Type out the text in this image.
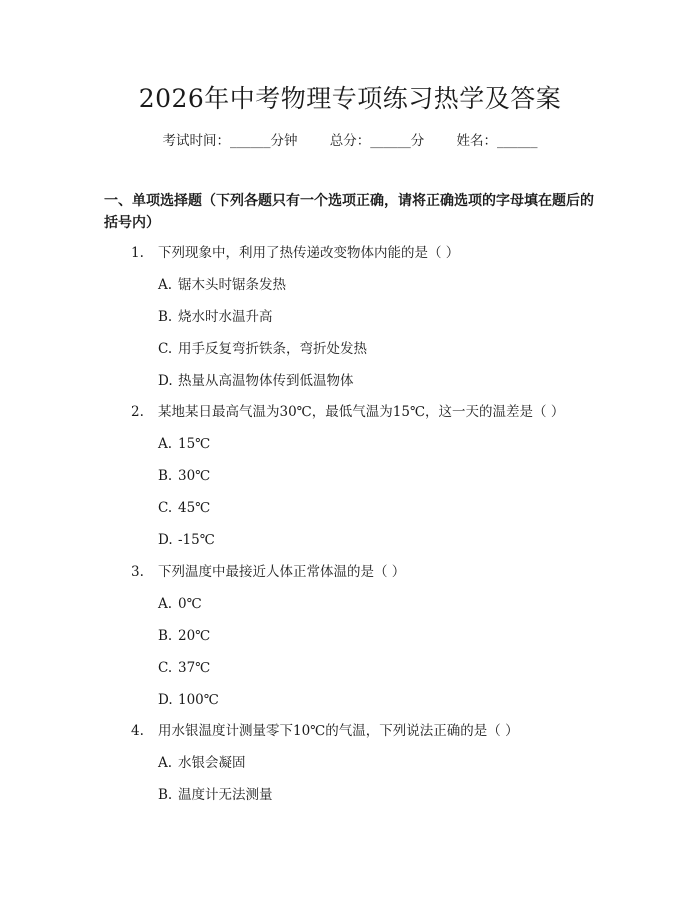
2026年中考物理专项练习热学及答案
考试时间：______分钟 总分：______分 姓名：______
一、单项选择题（下列各题只有一个选项正确，请将正确选项的字母填在题后的括号内）
1. 下列现象中，利用了热传递改变物体内能的是（ ）
A. 锯木头时锯条发热
B. 烧水时水温升高
C. 用手反复弯折铁条，弯折处发热
D. 热量从高温物体传到低温物体
2. 某地某日最高气温为30℃，最低气温为15℃，这一天的温差是（ ）
A. 15℃
B. 30℃
C. 45℃
D. -15℃
3. 下列温度中最接近人体正常体温的是（ ）
A. 0℃
B. 20℃
C. 37℃
D. 100℃
4. 用水银温度计测量零下10℃的气温，下列说法正确的是（ ）
A. 水银会凝固
B. 温度计无法测量
